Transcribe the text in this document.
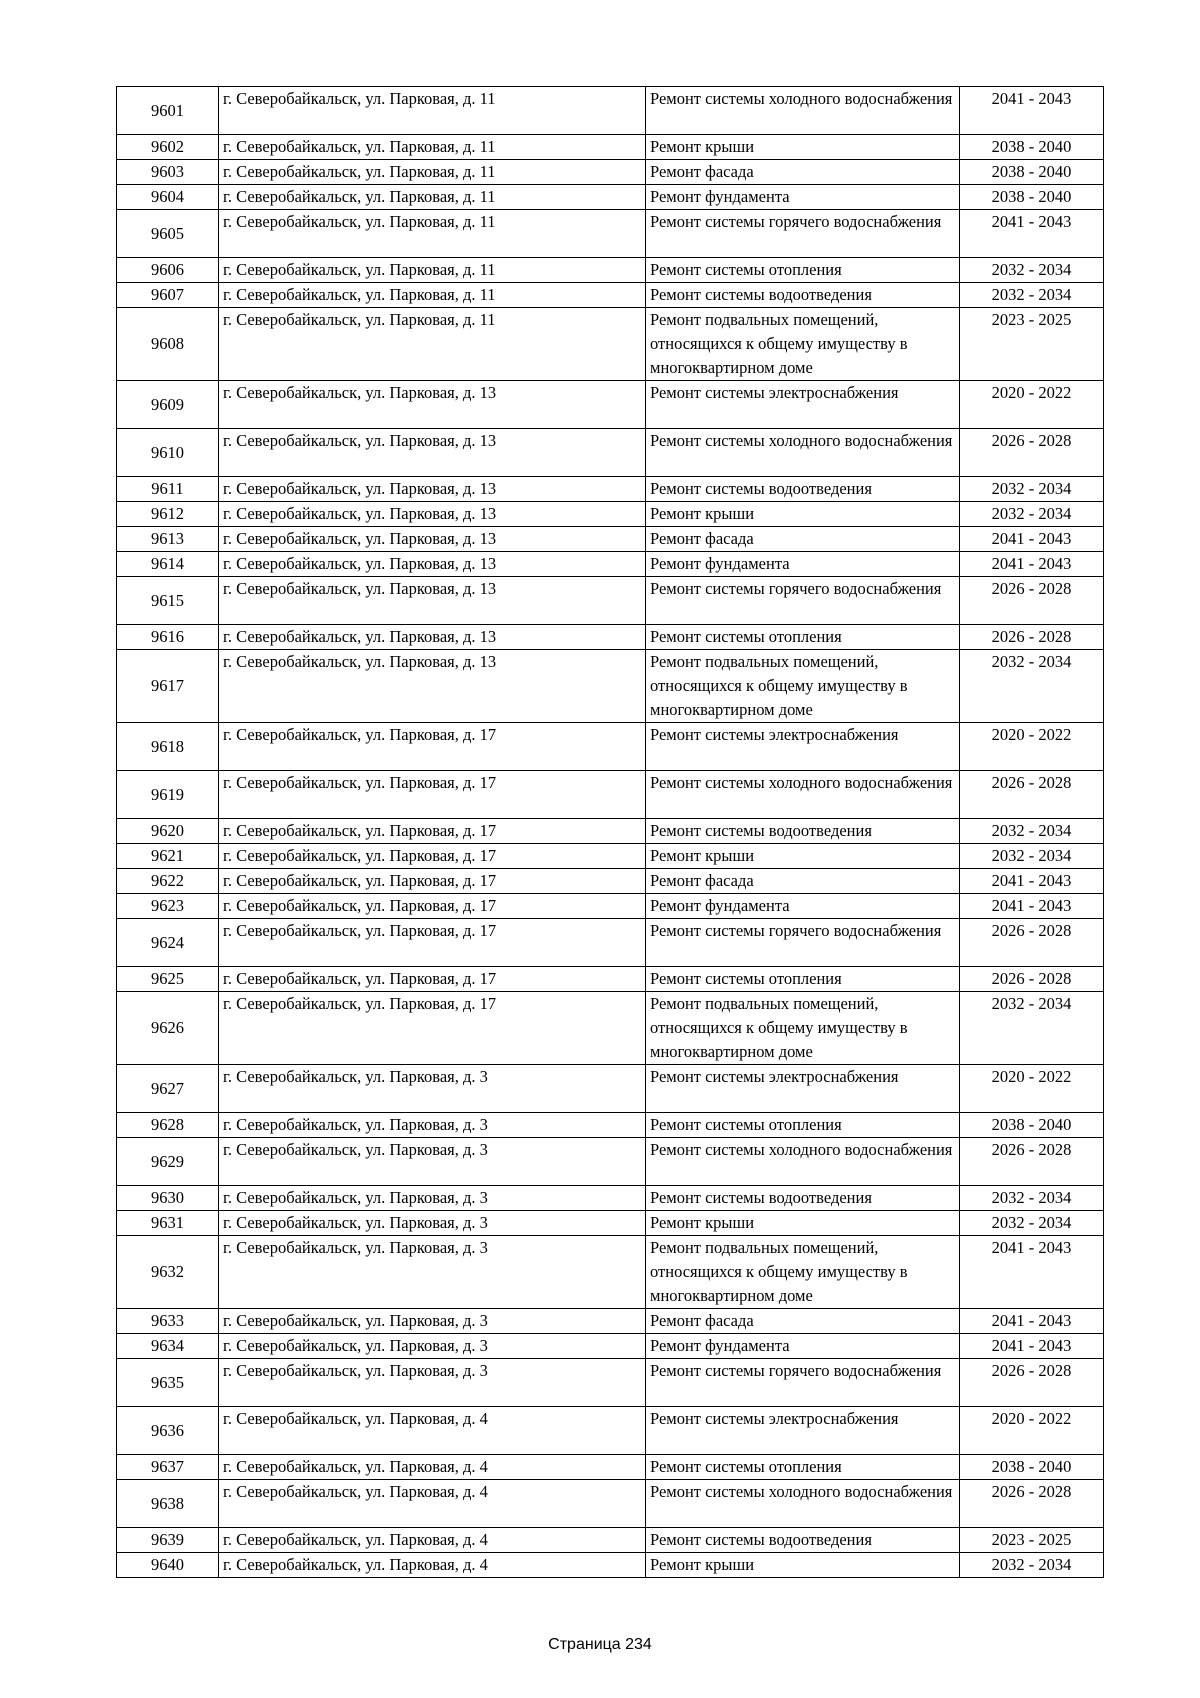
9601	г. Северобайкальск, ул. Парковая, д. 11	Ремонт системы холодного водоснабжения	2041 - 2043
9602	г. Северобайкальск, ул. Парковая, д. 11	Ремонт крыши	2038 - 2040
9603	г. Северобайкальск, ул. Парковая, д. 11	Ремонт фасада	2038 - 2040
9604	г. Северобайкальск, ул. Парковая, д. 11	Ремонт фундамента	2038 - 2040
9605	г. Северобайкальск, ул. Парковая, д. 11	Ремонт системы горячего водоснабжения	2041 - 2043
9606	г. Северобайкальск, ул. Парковая, д. 11	Ремонт системы отопления	2032 - 2034
9607	г. Северобайкальск, ул. Парковая, д. 11	Ремонт системы водоотведения	2032 - 2034
9608	г. Северобайкальск, ул. Парковая, д. 11	Ремонт подвальных помещений, относящихся к общему имуществу в многоквартирном доме	2023 - 2025
9609	г. Северобайкальск, ул. Парковая, д. 13	Ремонт системы электроснабжения	2020 - 2022
9610	г. Северобайкальск, ул. Парковая, д. 13	Ремонт системы холодного водоснабжения	2026 - 2028
9611	г. Северобайкальск, ул. Парковая, д. 13	Ремонт системы водоотведения	2032 - 2034
9612	г. Северобайкальск, ул. Парковая, д. 13	Ремонт крыши	2032 - 2034
9613	г. Северобайкальск, ул. Парковая, д. 13	Ремонт фасада	2041 - 2043
9614	г. Северобайкальск, ул. Парковая, д. 13	Ремонт фундамента	2041 - 2043
9615	г. Северобайкальск, ул. Парковая, д. 13	Ремонт системы горячего водоснабжения	2026 - 2028
9616	г. Северобайкальск, ул. Парковая, д. 13	Ремонт системы отопления	2026 - 2028
9617	г. Северобайкальск, ул. Парковая, д. 13	Ремонт подвальных помещений, относящихся к общему имуществу в многоквартирном доме	2032 - 2034
9618	г. Северобайкальск, ул. Парковая, д. 17	Ремонт системы электроснабжения	2020 - 2022
9619	г. Северобайкальск, ул. Парковая, д. 17	Ремонт системы холодного водоснабжения	2026 - 2028
9620	г. Северобайкальск, ул. Парковая, д. 17	Ремонт системы водоотведения	2032 - 2034
9621	г. Северобайкальск, ул. Парковая, д. 17	Ремонт крыши	2032 - 2034
9622	г. Северобайкальск, ул. Парковая, д. 17	Ремонт фасада	2041 - 2043
9623	г. Северобайкальск, ул. Парковая, д. 17	Ремонт фундамента	2041 - 2043
9624	г. Северобайкальск, ул. Парковая, д. 17	Ремонт системы горячего водоснабжения	2026 - 2028
9625	г. Северобайкальск, ул. Парковая, д. 17	Ремонт системы отопления	2026 - 2028
9626	г. Северобайкальск, ул. Парковая, д. 17	Ремонт подвальных помещений, относящихся к общему имуществу в многоквартирном доме	2032 - 2034
9627	г. Северобайкальск, ул. Парковая, д. 3	Ремонт системы электроснабжения	2020 - 2022
9628	г. Северобайкальск, ул. Парковая, д. 3	Ремонт системы отопления	2038 - 2040
9629	г. Северобайкальск, ул. Парковая, д. 3	Ремонт системы холодного водоснабжения	2026 - 2028
9630	г. Северобайкальск, ул. Парковая, д. 3	Ремонт системы водоотведения	2032 - 2034
9631	г. Северобайкальск, ул. Парковая, д. 3	Ремонт крыши	2032 - 2034
9632	г. Северобайкальск, ул. Парковая, д. 3	Ремонт подвальных помещений, относящихся к общему имуществу в многоквартирном доме	2041 - 2043
9633	г. Северобайкальск, ул. Парковая, д. 3	Ремонт фасада	2041 - 2043
9634	г. Северобайкальск, ул. Парковая, д. 3	Ремонт фундамента	2041 - 2043
9635	г. Северобайкальск, ул. Парковая, д. 3	Ремонт системы горячего водоснабжения	2026 - 2028
9636	г. Северобайкальск, ул. Парковая, д. 4	Ремонт системы электроснабжения	2020 - 2022
9637	г. Северобайкальск, ул. Парковая, д. 4	Ремонт системы отопления	2038 - 2040
9638	г. Северобайкальск, ул. Парковая, д. 4	Ремонт системы холодного водоснабжения	2026 - 2028
9639	г. Северобайкальск, ул. Парковая, д. 4	Ремонт системы водоотведения	2023 - 2025
9640	г. Северобайкальск, ул. Парковая, д. 4	Ремонт крыши	2032 - 2034
Страница 234
